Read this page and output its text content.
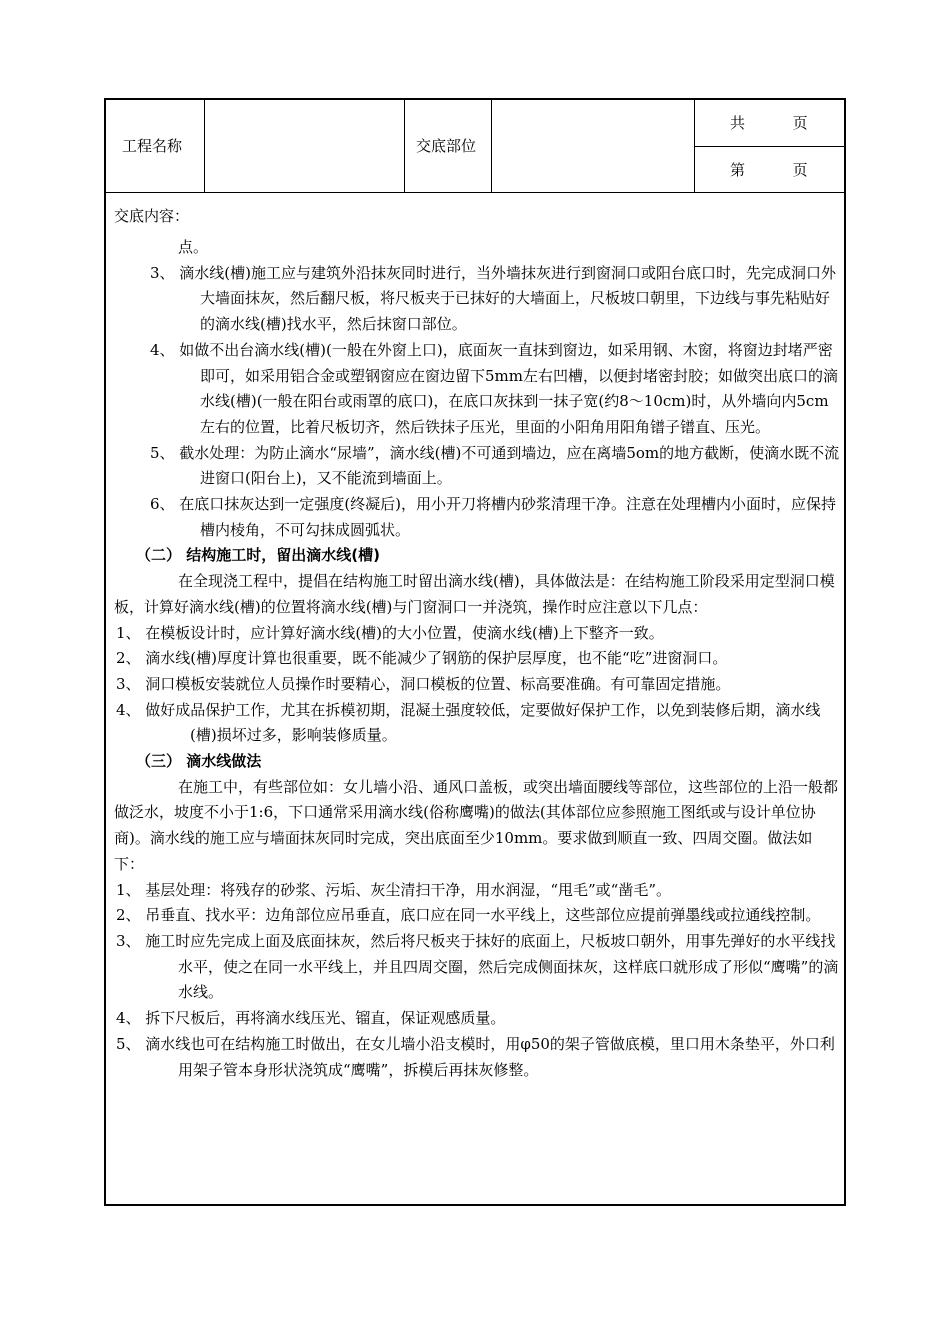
工程名称	交底部位
共          页
第          页
交底内容：

点。

3、 滴水线(槽)施工应与建筑外沿抹灰同时进行，当外墙抹灰进行到窗洞口或阳台底口时，先完成洞口外大墙面抹灰，然后翻尺板，将尺板夹于已抹好的大墙面上，尺板坡口朝里，下边线与事先粘贴好的滴水线(槽)找水平，然后抹窗口部位。

4、 如做不出台滴水线(槽)(一般在外窗上口)，底面灰一直抹到窗边，如采用钢、木窗，将窗边封堵严密即可，如采用铝合金或塑钢窗应在窗边留下5mm左右凹槽，以便封堵密封胶；如做突出底口的滴水线(槽)(一般在阳台或雨罩的底口)，在底口灰抹到一抹子宽(约8～10cm)时，从外墙向内5cm左右的位置，比着尺板切齐，然后铁抹子压光，里面的小阳角用阳角镨子镨直、压光。

5、 截水处理：为防止滴水“尿墙”，滴水线(槽)不可通到墙边，应在离墙5om的地方截断，使滴水既不流进窗口(阳台上)，又不能流到墙面上。

6、 在底口抹灰达到一定强度(终凝后)，用小开刀将槽内砂浆清理干净。注意在处理槽内小面时，应保持槽内棱角，不可勾抹成圆弧状。

（二） 结构施工时，留出滴水线(槽)

在全现浇工程中，提倡在结构施工时留出滴水线(槽)，具体做法是：在结构施工阶段采用定型洞口模板，计算好滴水线(槽)的位置将滴水线(槽)与门窗洞口一并浇筑，操作时应注意以下几点：

1、 在模板设计时，应计算好滴水线(槽)的大小位置，使滴水线(槽)上下整齐一致。

2、 滴水线(槽)厚度计算也很重要，既不能减少了钢筋的保护层厚度，也不能“吃”进窗洞口。

3、 洞口模板安装就位人员操作时要精心，洞口模板的位置、标高要准确。有可靠固定措施。

4、 做好成品保护工作，尤其在拆模初期，混凝土强度较低，定要做好保护工作，以免到装修后期，滴水线(槽)损坏过多，影响装修质量。

（三） 滴水线做法

在施工中，有些部位如：女儿墙小沿、通风口盖板，或突出墙面腰线等部位，这些部位的上沿一般都做泛水，坡度不小于1:6，下口通常采用滴水线(俗称鹰嘴)的做法(其体部位应参照施工图纸或与设计单位协商)。滴水线的施工应与墙面抹灰同时完成，突出底面至少10mm。要求做到顺直一致、四周交圈。做法如下：

1、 基层处理：将残存的砂浆、污垢、灰尘清扫干净，用水润湿，“甩毛”或“凿毛”。

2、 吊垂直、找水平：边角部位应吊垂直，底口应在同一水平线上，这些部位应提前弹墨线或拉通线控制。

3、 施工时应先完成上面及底面抹灰，然后将尺板夹于抹好的底面上，尺板坡口朝外，用事先弹好的水平线找水平，使之在同一水平线上，并且四周交圈，然后完成侧面抹灰，这样底口就形成了形似“鹰嘴”的滴水线。

4、 拆下尺板后，再将滴水线压光、镏直，保证观感质量。

5、 滴水线也可在结构施工时做出，在女儿墙小沿支模时，用φ50的架子管做底模，里口用木条垫平，外口利用架子管本身形状浇筑成“鹰嘴”，拆模后再抹灰修整。
